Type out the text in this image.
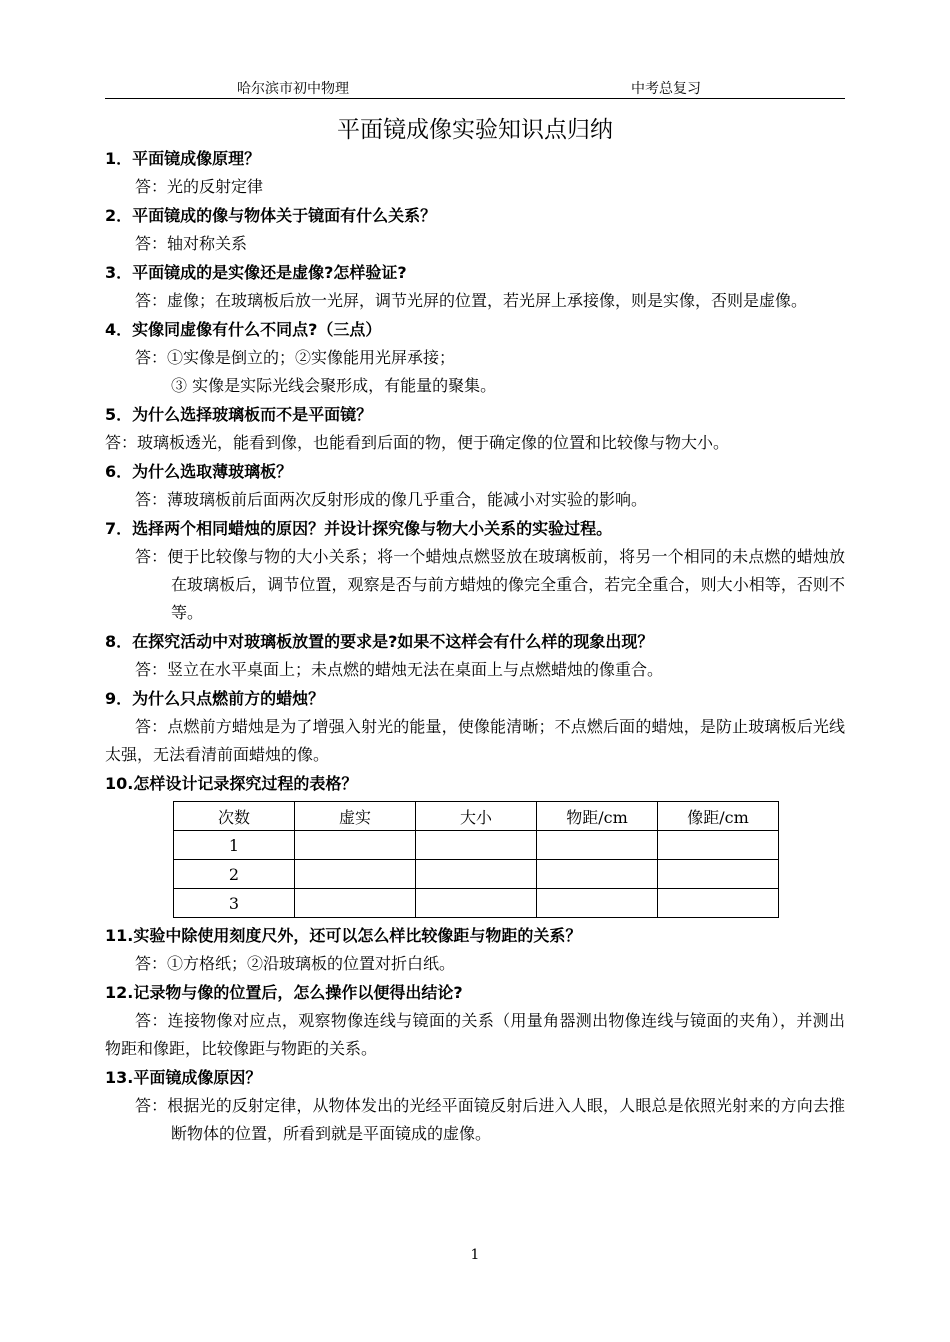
哈尔滨市初中物理	中考总复习
平面镜成像实验知识点归纳
1．平面镜成像原理？
答：光的反射定律
2．平面镜成的像与物体关于镜面有什么关系？
答：轴对称关系
3．平面镜成的是实像还是虚像?怎样验证?
答：虚像；在玻璃板后放一光屏，调节光屏的位置，若光屏上承接像，则是实像，否则是虚像。
4．实像同虚像有什么不同点?（三点）
答：①实像是倒立的；②实像能用光屏承接；
③ 实像是实际光线会聚形成，有能量的聚集。
5．为什么选择玻璃板而不是平面镜？
答：玻璃板透光，能看到像，也能看到后面的物，便于确定像的位置和比较像与物大小。
6．为什么选取薄玻璃板？
答：薄玻璃板前后面两次反射形成的像几乎重合，能减小对实验的影响。
7．选择两个相同蜡烛的原因？并设计探究像与物大小关系的实验过程。
答：便于比较像与物的大小关系；将一个蜡烛点燃竖放在玻璃板前，将另一个相同的未点燃的蜡烛放在玻璃板后，调节位置，观察是否与前方蜡烛的像完全重合，若完全重合，则大小相等，否则不等。
8．在探究活动中对玻璃板放置的要求是?如果不这样会有什么样的现象出现？
答：竖立在水平桌面上；未点燃的蜡烛无法在桌面上与点燃蜡烛的像重合。
9．为什么只点燃前方的蜡烛？
答：点燃前方蜡烛是为了增强入射光的能量，使像能清晰；不点燃后面的蜡烛，是防止玻璃板后光线太强，无法看清前面蜡烛的像。
10.怎样设计记录探究过程的表格？
次数	虚实	大小	物距/cm	像距/cm
1				
2				
3				
11.实验中除使用刻度尺外，还可以怎么样比较像距与物距的关系？
答：①方格纸；②沿玻璃板的位置对折白纸。
12.记录物与像的位置后，怎么操作以便得出结论?
答：连接物像对应点，观察物像连线与镜面的关系（用量角器测出物像连线与镜面的夹角），并测出物距和像距，比较像距与物距的关系。
13.平面镜成像原因？
答：根据光的反射定律，从物体发出的光经平面镜反射后进入人眼，人眼总是依照光射来的方向去推断物体的位置，所看到就是平面镜成的虚像。
1
